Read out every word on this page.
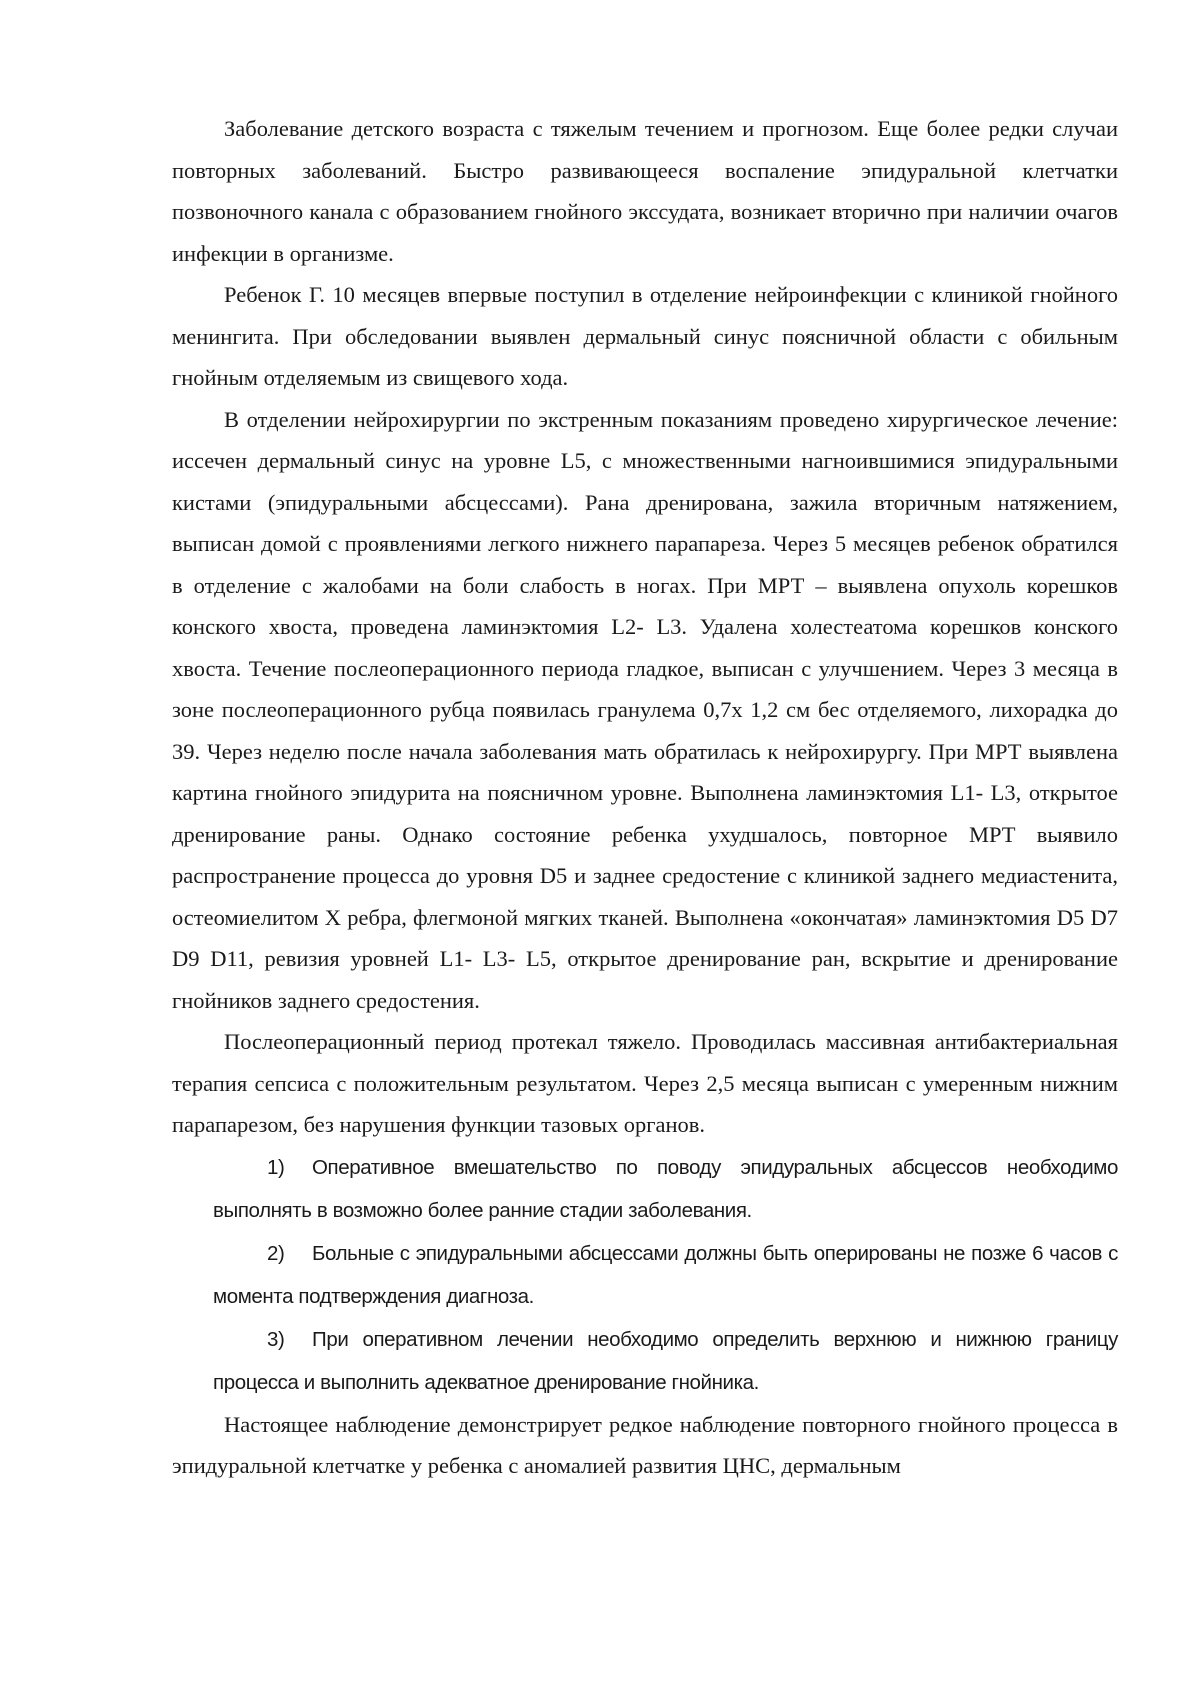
Заболевание детского возраста с тяжелым течением и прогнозом. Еще более редки случаи повторных заболеваний. Быстро развивающееся воспаление эпидуральной клетчатки позвоночного канала с образованием гнойного экссудата, возникает вторично при наличии очагов инфекции в организме.

Ребенок Г. 10 месяцев впервые поступил в отделение нейроинфекции с клиникой гнойного менингита. При обследовании выявлен дермальный синус поясничной области с обильным гнойным отделяемым из свищевого хода.

В отделении нейрохирургии по экстренным показаниям проведено хирургическое лечение: иссечен дермальный синус на уровне L5, с множественными нагноившимися эпидуральными кистами (эпидуральными абсцессами). Рана дренирована, зажила вторичным натяжением, выписан домой с проявлениями легкого нижнего парапареза. Через 5 месяцев ребенок обратился в отделение с жалобами на боли слабость в ногах. При МРТ – выявлена опухоль корешков конского хвоста, проведена ламинэктомия L2- L3. Удалена холестеатома корешков конского хвоста. Течение послеоперационного периода гладкое, выписан с улучшением. Через 3 месяца в зоне послеоперационного рубца появилась гранулема 0,7х 1,2 см бес отделяемого, лихорадка до 39. Через неделю после начала заболевания мать обратилась к нейрохирургу. При МРТ выявлена картина гнойного эпидурита на поясничном уровне. Выполнена ламинэктомия L1- L3, открытое дренирование раны. Однако состояние ребенка ухудшалось, повторное МРТ выявило распространение процесса до уровня D5 и заднее средостение с клиникой заднего медиастенита, остеомиелитом X ребра, флегмоной мягких тканей. Выполнена «окончатая» ламинэктомия D5 D7 D9 D11, ревизия уровней L1- L3- L5, открытое дренирование ран, вскрытие и дренирование гнойников заднего средостения.

Послеоперационный период протекал тяжело. Проводилась массивная антибактериальная терапия сепсиса с положительным результатом. Через 2,5 месяца выписан с умеренным нижним парапарезом, без нарушения функции тазовых органов.

1) Оперативное вмешательство по поводу эпидуральных абсцессов необходимо выполнять в возможно более ранние стадии заболевания.

2) Больные с эпидуральными абсцессами должны быть оперированы не позже 6 часов с момента подтверждения диагноза.

3) При оперативном лечении необходимо определить верхнюю и нижнюю границу процесса и выполнить адекватное дренирование гнойника.

Настоящее наблюдение демонстрирует редкое наблюдение повторного гнойного процесса в эпидуральной клетчатке у ребенка с аномалией развития ЦНС, дермальным
